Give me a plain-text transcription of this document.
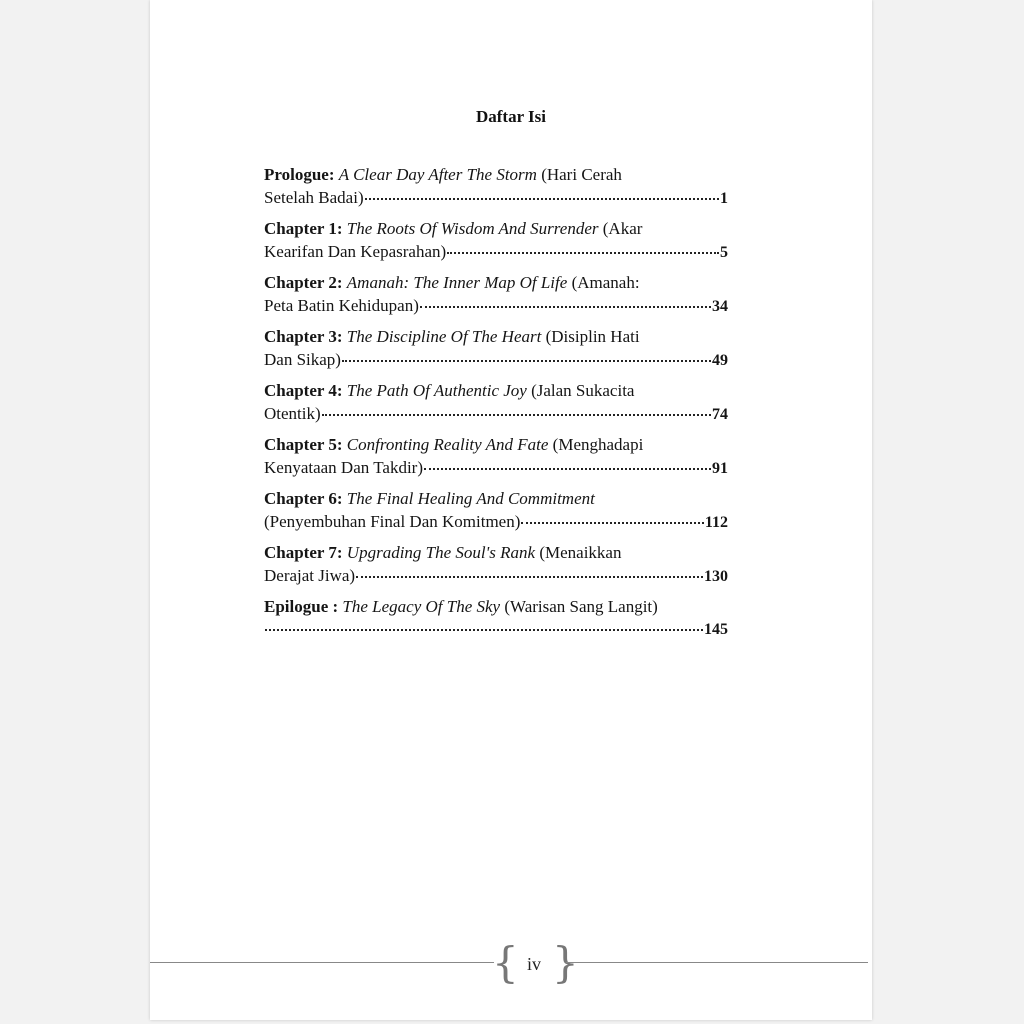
Daftar Isi
Prologue: A Clear Day After The Storm (Hari Cerah
Setelah Badai)	1
Chapter 1: The Roots Of Wisdom And Surrender (Akar
Kearifan Dan Kepasrahan)	5
Chapter 2: Amanah: The Inner Map Of Life (Amanah:
Peta Batin Kehidupan)	34
Chapter 3: The Discipline Of The Heart (Disiplin Hati
Dan Sikap)	49
Chapter 4: The Path Of Authentic Joy (Jalan Sukacita
Otentik)	74
Chapter 5: Confronting Reality And Fate (Menghadapi
Kenyataan Dan Takdir)	91
Chapter 6: The Final Healing And Commitment
(Penyembuhan Final Dan Komitmen)	112
Chapter 7: Upgrading The Soul's Rank (Menaikkan
Derajat Jiwa)	130
Epilogue : The Legacy Of The Sky (Warisan Sang Langit)
145
{ iv }
